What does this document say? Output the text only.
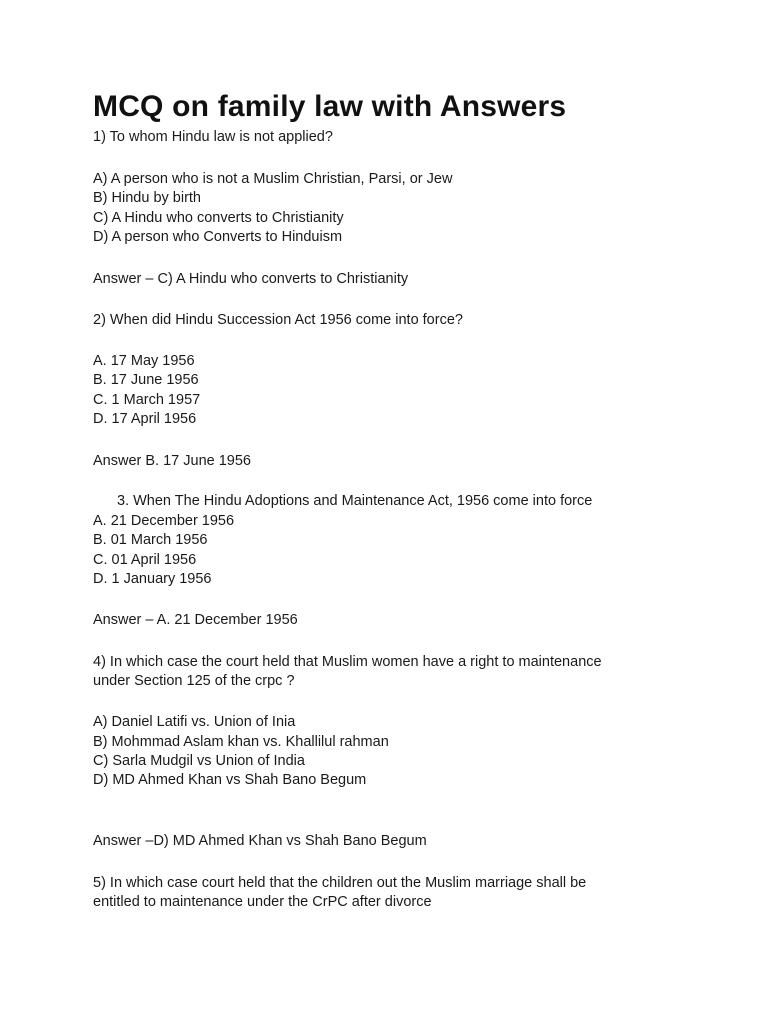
MCQ on family law with Answers
1) To whom Hindu law is not applied?
A) A person who is not a Muslim Christian, Parsi, or Jew
B) Hindu by birth
C) A Hindu who converts to Christianity
D) A person who Converts to Hinduism
Answer – C) A Hindu who converts to Christianity
2) When did Hindu Succession Act 1956 come into force?
A. 17 May 1956
B. 17 June 1956
C. 1 March 1957
D. 17 April 1956
Answer B. 17 June 1956
3. When The Hindu Adoptions and Maintenance Act, 1956 come into force
A. 21 December 1956
B. 01 March 1956
C. 01 April 1956
D. 1 January 1956
Answer – A. 21 December 1956
4) In which case the court held that Muslim women have a right to maintenance
under Section 125 of the crpc ?
A) Daniel Latifi vs. Union of Inia
B) Mohmmad Aslam khan vs. Khallilul rahman
C) Sarla Mudgil vs Union of India
D) MD Ahmed Khan vs Shah Bano Begum
Answer –D) MD Ahmed Khan vs Shah Bano Begum
5) In which case court held that the children out the Muslim marriage shall be
entitled to maintenance under the CrPC after divorce
